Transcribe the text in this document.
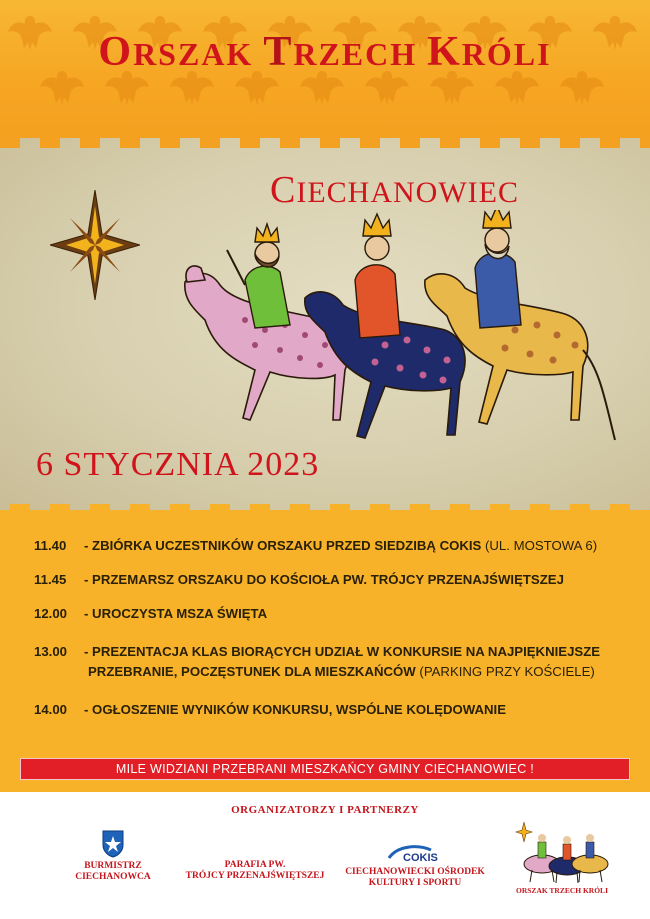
ORSZAK TRZECH KRÓLI
CIECHANOWIEC
6 STYCZNIA 2023
11.40 - ZBIÓRKA UCZESTNIKÓW ORSZAKU PRZED SIEDZIBĄ COKIS (UL. MOSTOWA 6)
11.45 - PRZEMARSZ ORSZAKU DO KOŚCIOŁA PW. TRÓJCY PRZENAJŚWIĘTSZEJ
12.00 - UROCZYSTA MSZA ŚWIĘTA
13.00 - PREZENTACJA KLAS BIORĄCYCH UDZIAŁ W KONKURSIE NA NAJPIĘKNIEJSZE
PRZEBRANIE, POCZĘSTUNEK DLA MIESZKAŃCÓW (PARKING PRZY KOŚCIELE)
14.00 - OGŁOSZENIE WYNIKÓW KONKURSU, WSPÓLNE KOLĘDOWANIE
MILE WIDZIANI PRZEBRANI MIESZKAŃCY GMINY CIECHANOWIEC !
ORGANIZATORZY I PARTNERZY
BURMISTRZ
CIECHANOWCA
PARAFIA PW.
TRÓJCY PRZENAJŚWIĘTSZEJ
COKIS
CIECHANOWIECKI OŚRODEK
KULTURY I SPORTU
ORSZAK TRZECH KRÓLI
